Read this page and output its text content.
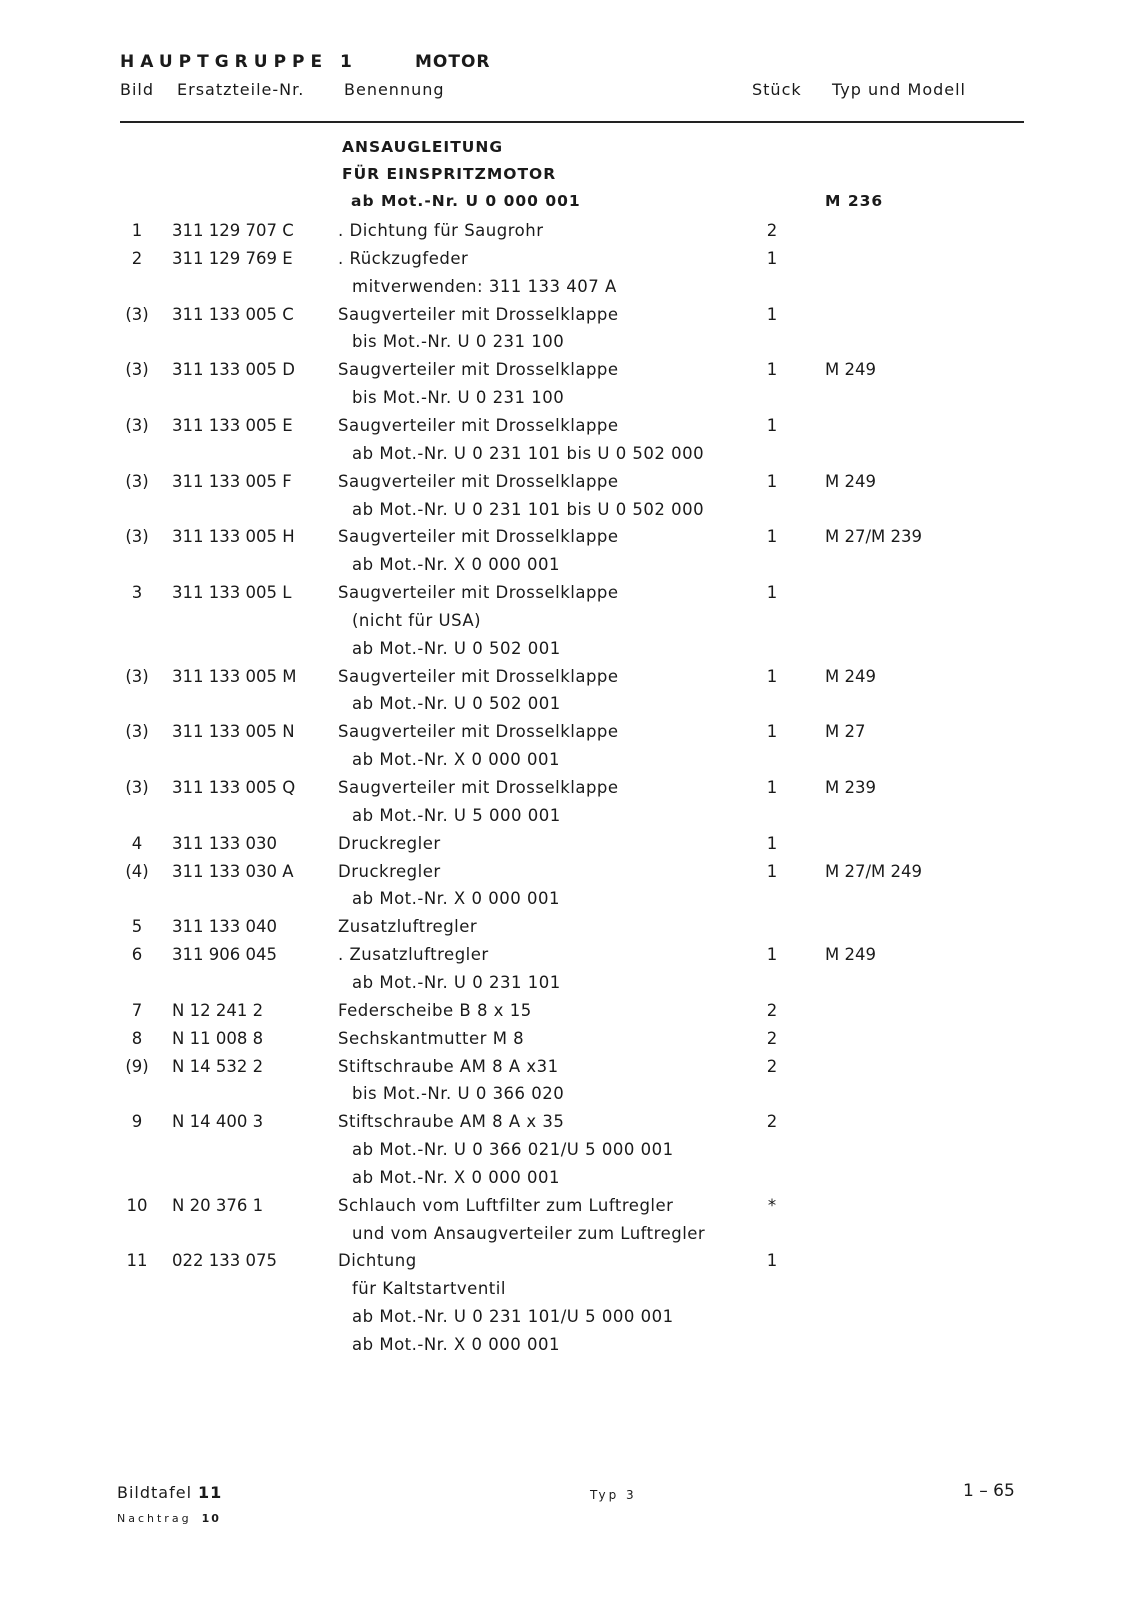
HAUPTGRUPPE 1	MOTOR
Bild Ersatzteile-Nr. Benennung	Stück Typ und Modell
ANSAUGLEITUNG
FÜR EINSPRITZMOTOR
ab Mot.-Nr. U 0 000 001	M 236
1	311 129 707 C	. Dichtung für Saugrohr	2
2	311 129 769 E	. Rückzugfeder	1
mitverwenden: 311 133 407 A
(3)	311 133 005 C	Saugverteiler mit Drosselklappe	1
bis Mot.-Nr. U 0 231 100
(3)	311 133 005 D	Saugverteiler mit Drosselklappe	1	M 249
bis Mot.-Nr. U 0 231 100
(3)	311 133 005 E	Saugverteiler mit Drosselklappe	1
ab Mot.-Nr. U 0 231 101 bis U 0 502 000
(3)	311 133 005 F	Saugverteiler mit Drosselklappe	1	M 249
ab Mot.-Nr. U 0 231 101 bis U 0 502 000
(3)	311 133 005 H	Saugverteiler mit Drosselklappe	1	M 27/M 239
ab Mot.-Nr. X 0 000 001
3	311 133 005 L	Saugverteiler mit Drosselklappe	1
(nicht für USA)
ab Mot.-Nr. U 0 502 001
(3)	311 133 005 M	Saugverteiler mit Drosselklappe	1	M 249
ab Mot.-Nr. U 0 502 001
(3)	311 133 005 N	Saugverteiler mit Drosselklappe	1	M 27
ab Mot.-Nr. X 0 000 001
(3)	311 133 005 Q	Saugverteiler mit Drosselklappe	1	M 239
ab Mot.-Nr. U 5 000 001
4	311 133 030	Druckregler	1
(4)	311 133 030 A	Druckregler	1	M 27/M 249
ab Mot.-Nr. X 0 000 001
5	311 133 040	Zusatzluftregler
6	311 906 045	. Zusatzluftregler	1	M 249
ab Mot.-Nr. U 0 231 101
7	N 12 241 2	Federscheibe B 8 x 15	2
8	N 11 008 8	Sechskantmutter M 8	2
(9)	N 14 532 2	Stiftschraube AM 8 A x31	2
bis Mot.-Nr. U 0 366 020
9	N 14 400 3	Stiftschraube AM 8 A x 35	2
ab Mot.-Nr. U 0 366 021/U 5 000 001
ab Mot.-Nr. X 0 000 001
10	N 20 376 1	Schlauch vom Luftfilter zum Luftregler	*
und vom Ansaugverteiler zum Luftregler
11	022 133 075	Dichtung	1
für Kaltstartventil
ab Mot.-Nr. U 0 231 101/U 5 000 001
ab Mot.-Nr. X 0 000 001
Bildtafel 11
Nachtrag 10
Typ 3	1 – 65
